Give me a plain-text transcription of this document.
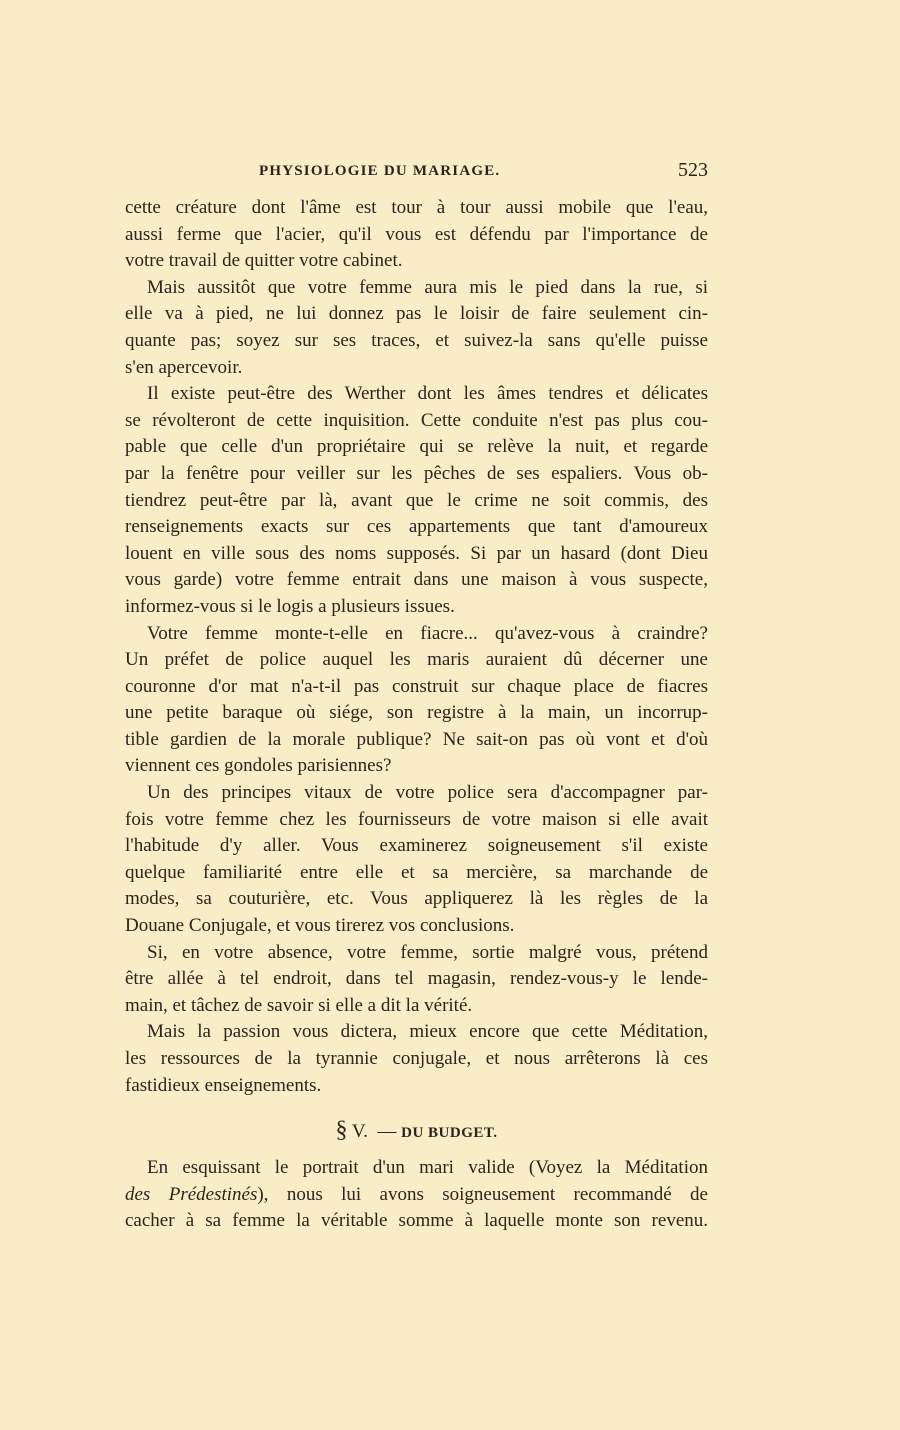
PHYSIOLOGIE DU MARIAGE.	523
cette créature dont l'âme est tour à tour aussi mobile que l'eau,
aussi ferme que l'acier, qu'il vous est défendu par l'importance de
votre travail de quitter votre cabinet.
Mais aussitôt que votre femme aura mis le pied dans la rue, si
elle va à pied, ne lui donnez pas le loisir de faire seulement cin-
quante pas; soyez sur ses traces, et suivez-la sans qu'elle puisse
s'en apercevoir.
Il existe peut-être des Werther dont les âmes tendres et délicates
se révolteront de cette inquisition. Cette conduite n'est pas plus cou-
pable que celle d'un propriétaire qui se relève la nuit, et regarde
par la fenêtre pour veiller sur les pêches de ses espaliers. Vous ob-
tiendrez peut-être par là, avant que le crime ne soit commis, des
renseignements exacts sur ces appartements que tant d'amoureux
louent en ville sous des noms supposés. Si par un hasard (dont Dieu
vous garde) votre femme entrait dans une maison à vous suspecte,
informez-vous si le logis a plusieurs issues.
Votre femme monte-t-elle en fiacre... qu'avez-vous à craindre?
Un préfet de police auquel les maris auraient dû décerner une
couronne d'or mat n'a-t-il pas construit sur chaque place de fiacres
une petite baraque où siége, son registre à la main, un incorrup-
tible gardien de la morale publique? Ne sait-on pas où vont et d'où
viennent ces gondoles parisiennes?
Un des principes vitaux de votre police sera d'accompagner par-
fois votre femme chez les fournisseurs de votre maison si elle avait
l'habitude d'y aller. Vous examinerez soigneusement s'il existe
quelque familiarité entre elle et sa mercière, sa marchande de
modes, sa couturière, etc. Vous appliquerez là les règles de la
Douane Conjugale, et vous tirerez vos conclusions.
Si, en votre absence, votre femme, sortie malgré vous, prétend
être allée à tel endroit, dans tel magasin, rendez-vous-y le lende-
main, et tâchez de savoir si elle a dit la vérité.
Mais la passion vous dictera, mieux encore que cette Méditation,
les ressources de la tyrannie conjugale, et nous arrêterons là ces
fastidieux enseignements.
§ V. — DU BUDGET.
En esquissant le portrait d'un mari valide (Voyez la Méditation
des Prédestinés), nous lui avons soigneusement recommandé de
cacher à sa femme la véritable somme à laquelle monte son revenu.
